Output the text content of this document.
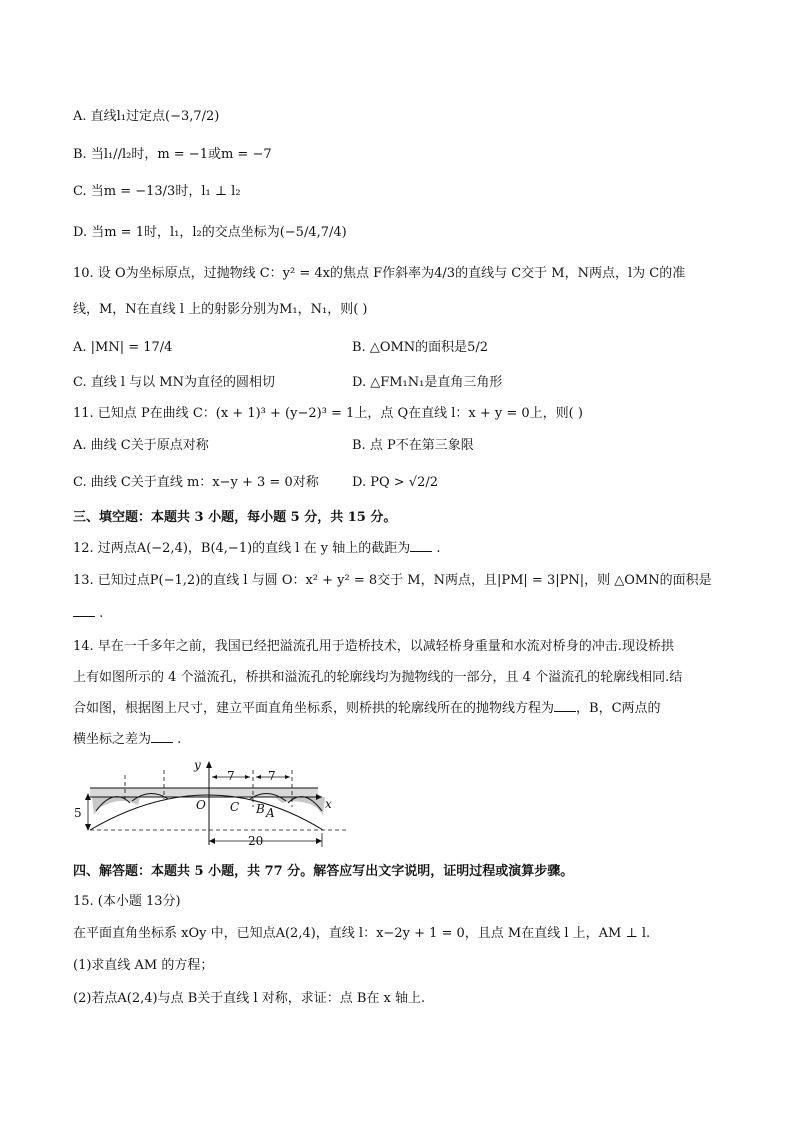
A. 直线l₁过定点(−3,7/2)
B. 当l₁//l₂时，m = −1或m = −7
C. 当m = −13/3时，l₁ ⊥ l₂
D. 当m = 1时，l₁，l₂的交点坐标为(−5/4,7/4)
10. 设 O为坐标原点，过抛物线 C：y² = 4x的焦点 F作斜率为4/3的直线与 C交于 M，N两点，l为 C的准
线，M，N在直线 l 上的射影分别为M₁，N₁，则( )
A. |MN| = 17/4	B. △OMN的面积是5/2
C. 直线 l 与以 MN为直径的圆相切	D. △FM₁N₁是直角三角形
11. 已知点 P在曲线 C：(x + 1)³ + (y−2)³ = 1上，点 Q在直线 l：x + y = 0上，则( )
A. 曲线 C关于原点对称	B. 点 P不在第三象限
C. 曲线 C关于直线 m：x−y + 3 = 0对称	D. PQ > √2/2
三、填空题：本题共 3 小题，每小题 5 分，共 15 分。
12. 过两点A(−2,4)，B(4,−1)的直线 l 在 y 轴上的截距为 .
13. 已知过点P(−1,2)的直线 l 与圆 O：x² + y² = 8交于 M，N两点，且|PM| = 3|PN|，则 △OMN的面积是
.
14. 早在一千多年之前，我国已经把溢流孔用于造桥技术，以减轻桥身重量和水流对桥身的冲击.现设桥拱
上有如图所示的 4 个溢流孔，桥拱和溢流孔的轮廓线均为抛物线的一部分，且 4 个溢流孔的轮廓线相同.结
合如图，根据图上尺寸，建立平面直角坐标系，则桥拱的轮廓线所在的抛物线方程为 ，B，C两点的
横坐标之差为 .
y
x
O C B A
7	7
5
20
四、解答题：本题共 5 小题，共 77 分。解答应写出文字说明，证明过程或演算步骤。
15. (本小题 13分)
在平面直角坐标系 xOy 中，已知点A(2,4)，直线 l：x−2y + 1 = 0，且点 M在直线 l 上，AM ⊥ l.
(1)求直线 AM 的方程；
(2)若点A(2,4)与点 B关于直线 l 对称，求证：点 B在 x 轴上.
